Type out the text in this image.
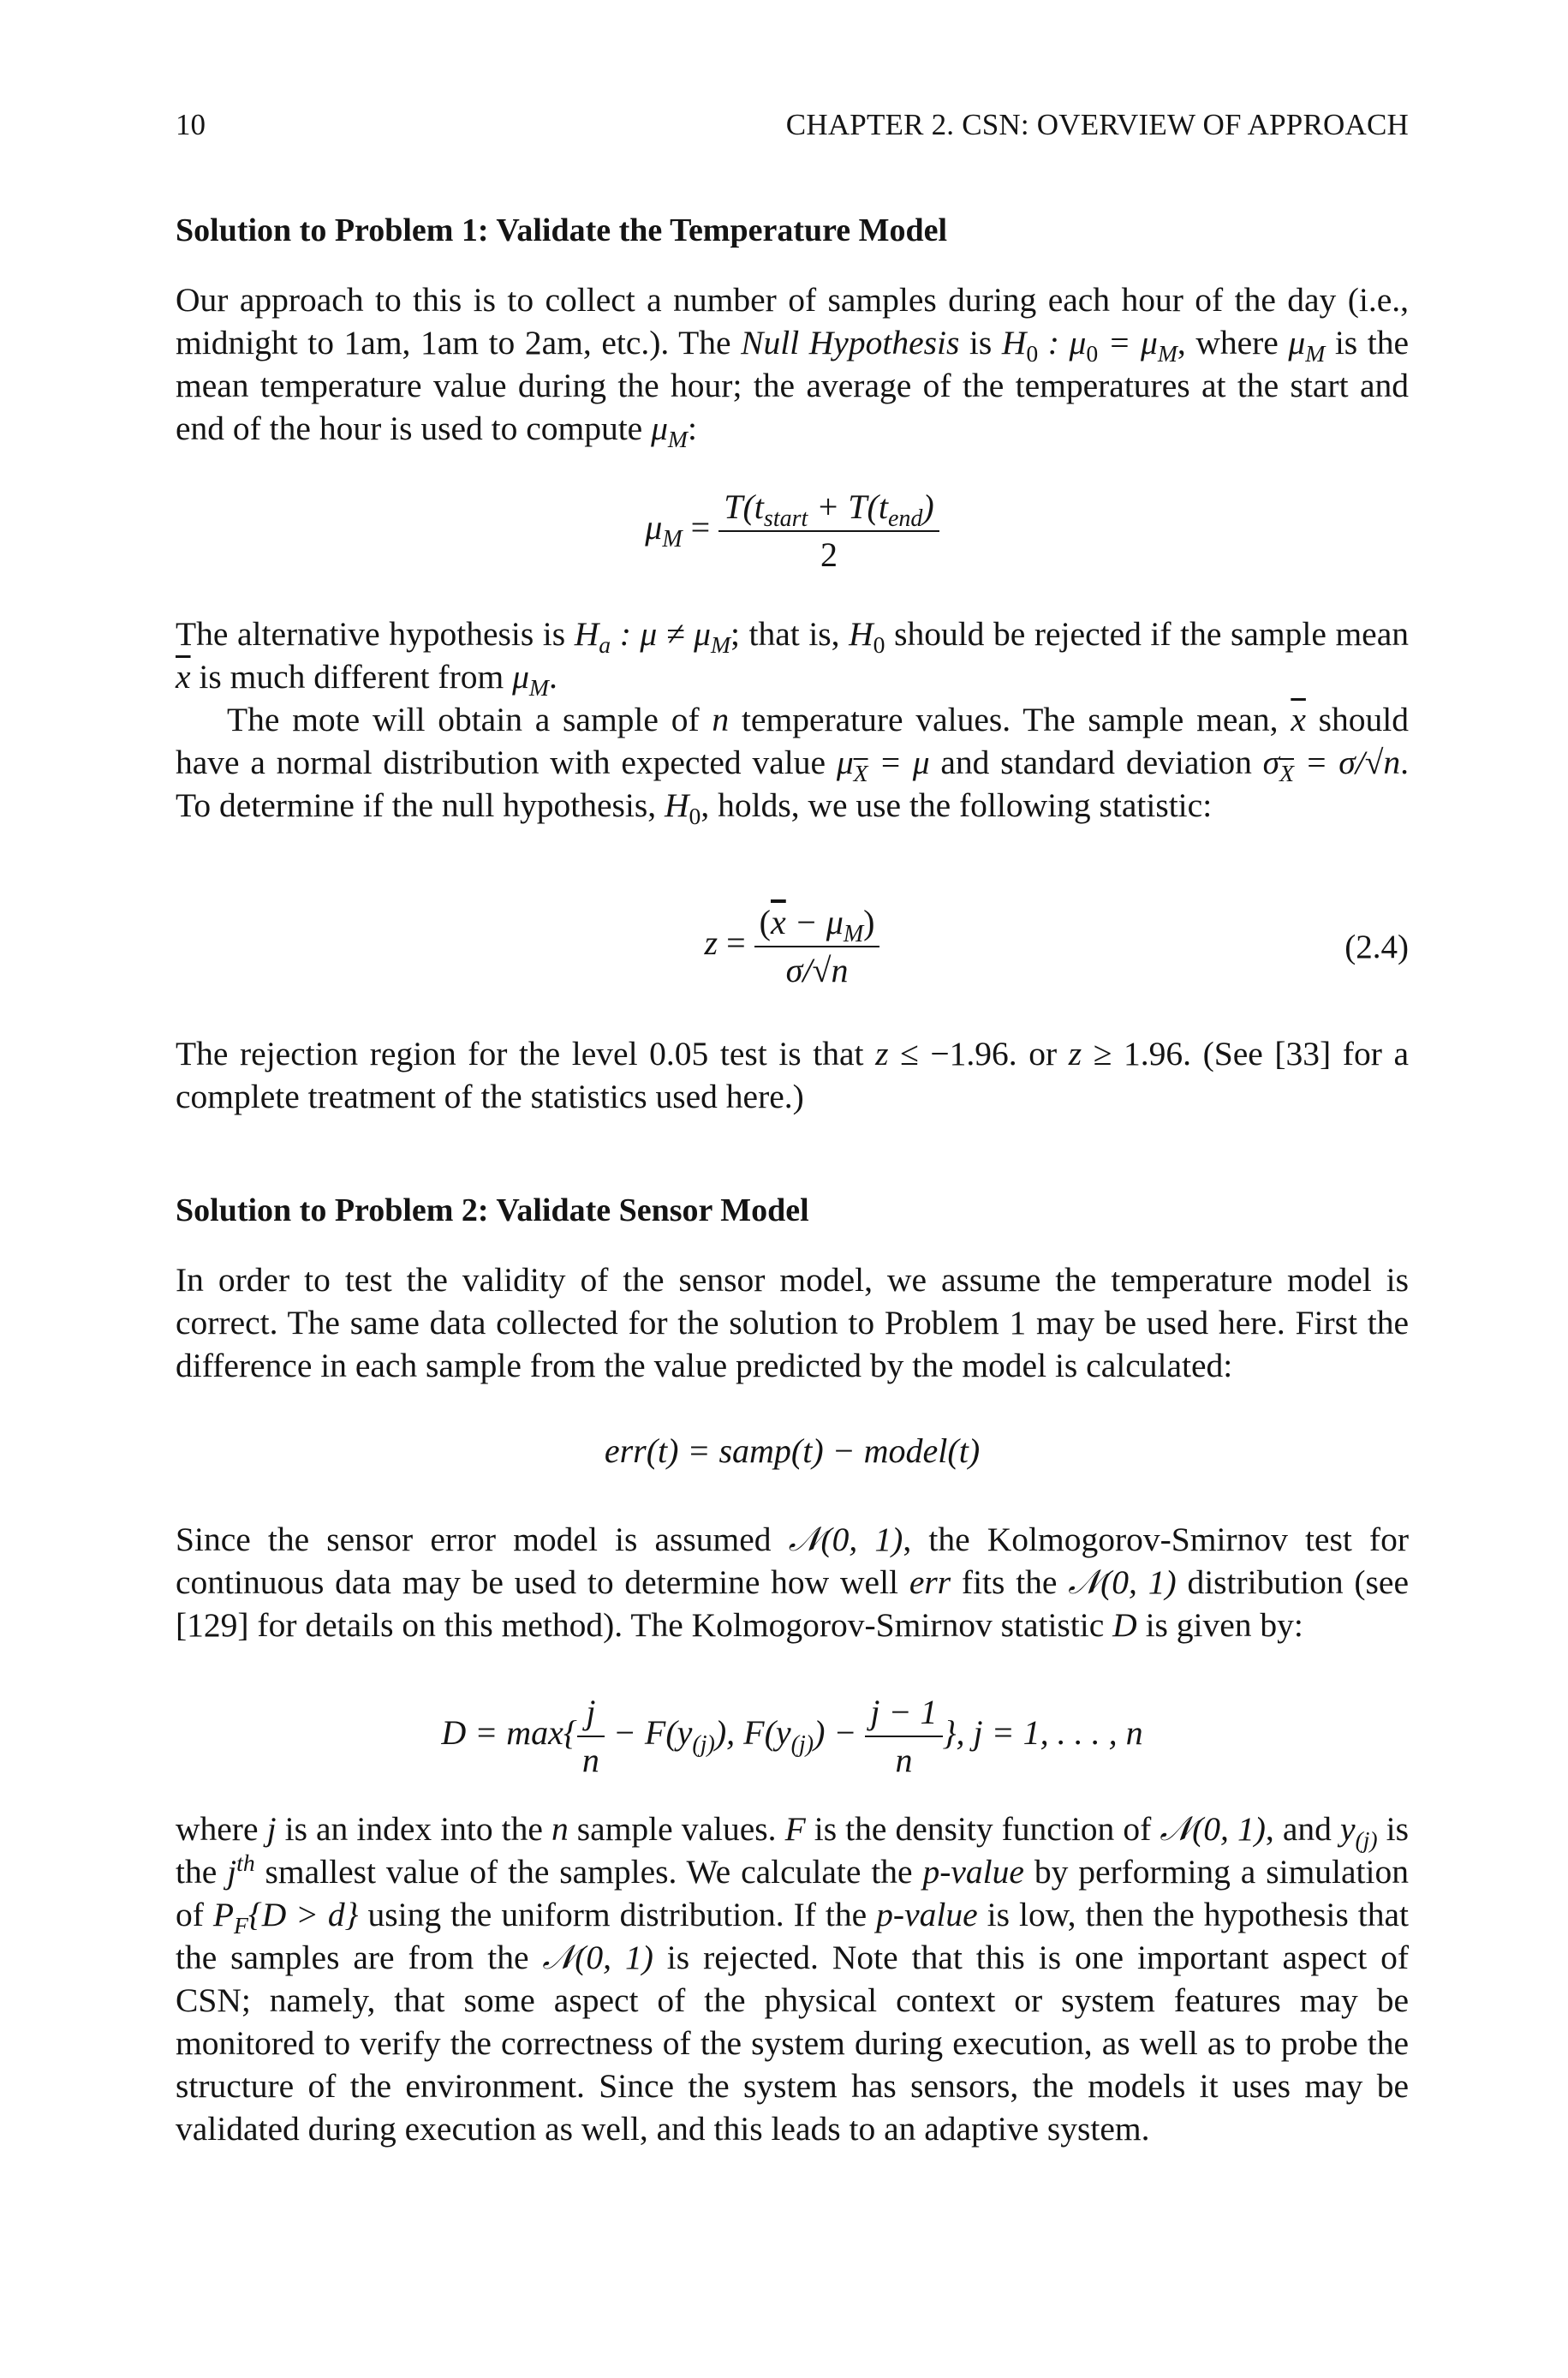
10	CHAPTER 2. CSN: OVERVIEW OF APPROACH
Solution to Problem 1: Validate the Temperature Model

Our approach to this is to collect a number of samples during each hour of the day (i.e., midnight to 1am, 1am to 2am, etc.). The Null Hypothesis is $H_0$ : $\mu_0 = \mu_M$, where $\mu_M$ is the mean temperature value during the hour; the average of the temperatures at the start and end of the hour is used to compute $\mu_M$:

$\mu_M = \frac{T(t_{start} + T(t_{end})}{2}$

The alternative hypothesis is $H_a$ : $\mu \ne \mu_M$; that is, $H_0$ should be rejected if the sample mean $\overline{x}$ is much different from $\mu_M$.

The mote will obtain a sample of n temperature values. The sample mean, $\overline{x}$ should have a normal distribution with expected value $\mu_{\overline{X}} = \mu$ and standard deviation $\sigma_{\overline{X}} = \sigma/√n$. To determine if the null hypothesis, $H_0$, holds, we use the following statistic:

$z = \frac{(\overline{x} - \mu_M)}{\sigma/√n}$	(2.4)

The rejection region for the level 0.05 test is that z ≤ −1.96. or z ≥ 1.96. (See [33] for a complete treatment of the statistics used here.)

Solution to Problem 2: Validate Sensor Model

In order to test the validity of the sensor model, we assume the temperature model is correct. The same data collected for the solution to Problem 1 may be used here. First the difference in each sample from the value predicted by the model is calculated:

err(t) = samp(t) − model(t)

Since the sensor error model is assumed 𝒩(0, 1), the Kolmogorov-Smirnov test for continuous data may be used to determine how well err fits the 𝒩(0, 1) distribution (see [129] for details on this method). The Kolmogorov-Smirnov statistic D is given by:

$D = \max\{ \frac{j}{n} - F(y_{(j)})$, $F(y_{(j)}) - \frac{j - 1}{n}$ }, j = 1, . . . , n

where j is an index into the n sample values. F is the density function of 𝒩(0, 1), and $y_{(j)}$ is the $j^{th}$ smallest value of the samples. We calculate the p-value by performing a simulation of $P_F\{D > d\}$ using the uniform distribution. If the p-value is low, then the hypothesis that the samples are from the 𝒩(0, 1) is rejected. Note that this is one important aspect of CSN; namely, that some aspect of the physical context or system features may be monitored to verify the correctness of the system during execution, as well as to probe the structure of the environment. Since the system has sensors, the models it uses may be validated during execution as well, and this leads to an adaptive system.
